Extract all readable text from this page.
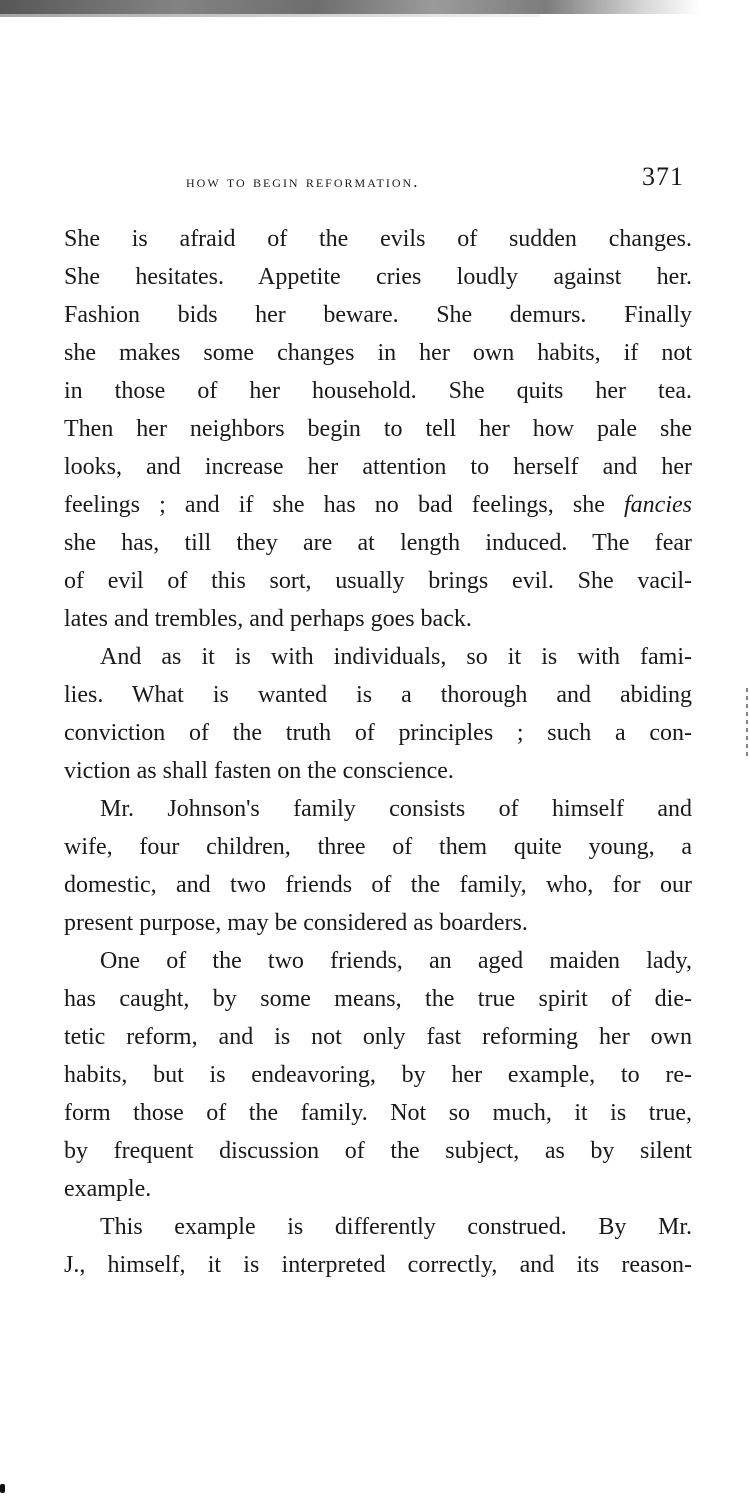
how to begin reformation.	371
She is afraid of the evils of sudden changes.
She hesitates. Appetite cries loudly against her.
Fashion bids her beware. She demurs. Finally
she makes some changes in her own habits, if not
in those of her household. She quits her tea.
Then her neighbors begin to tell her how pale she
looks, and increase her attention to herself and her
feelings ; and if she has no bad feelings, she fancies
she has, till they are at length induced. The fear
of evil of this sort, usually brings evil. She vacil-
lates and trembles, and perhaps goes back.
And as it is with individuals, so it is with fami-
lies. What is wanted is a thorough and abiding
conviction of the truth of principles ; such a con-
viction as shall fasten on the conscience.
Mr. Johnson's family consists of himself and
wife, four children, three of them quite young, a
domestic, and two friends of the family, who, for our
present purpose, may be considered as boarders.
One of the two friends, an aged maiden lady,
has caught, by some means, the true spirit of die-
tetic reform, and is not only fast reforming her own
habits, but is endeavoring, by her example, to re-
form those of the family. Not so much, it is true,
by frequent discussion of the subject, as by silent
example.
This example is differently construed. By Mr.
J., himself, it is interpreted correctly, and its reason-
